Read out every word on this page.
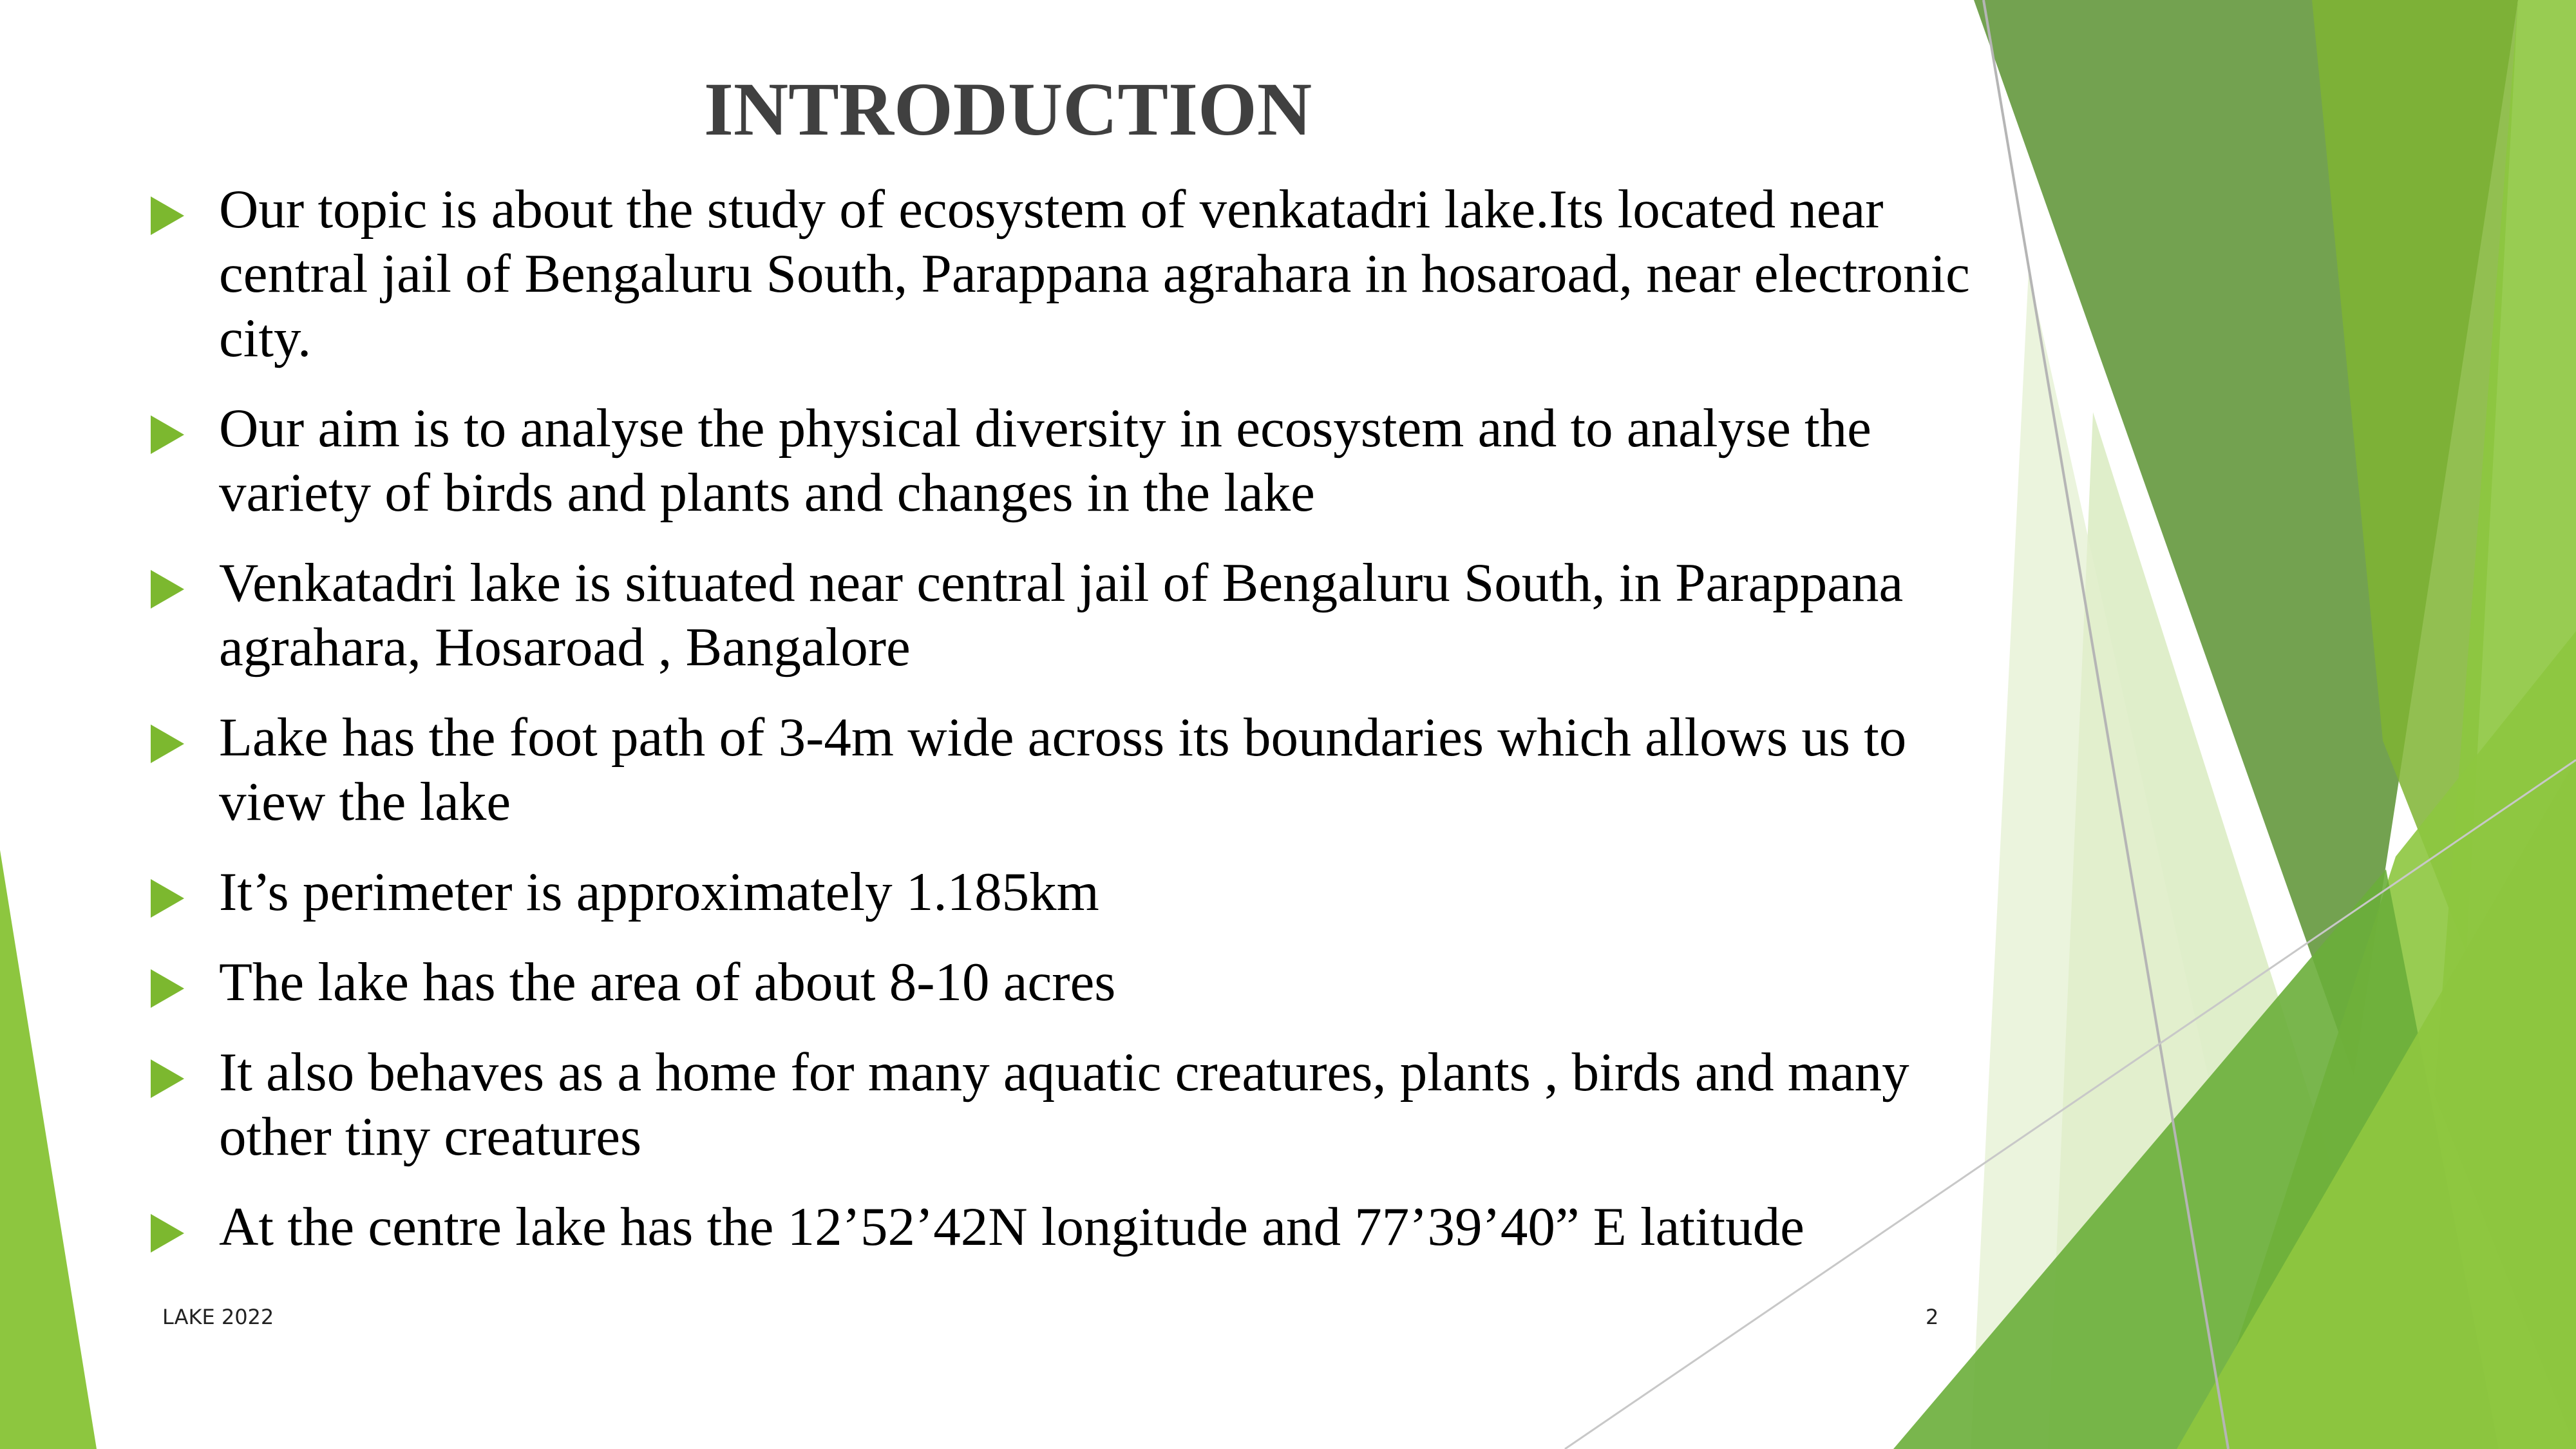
INTRODUCTION
Our topic is about the study of ecosystem of venkatadri lake.Its located near central jail of Bengaluru South, Parappana agrahara in hosaroad, near electronic city.
Our aim is to analyse the physical diversity in ecosystem and to analyse the variety of birds and plants and changes in the lake
Venkatadri lake is situated near central jail of Bengaluru South, in Parappana agrahara, Hosaroad , Bangalore
Lake has the foot path of 3-4m wide across its boundaries which allows us to view the lake
It’s perimeter is approximately 1.185km
The lake has the area of about 8-10 acres
It also behaves as a home for many aquatic creatures, plants , birds and many other tiny creatures
At the centre lake has the 12’52’42N longitude and 77’39’40” E latitude
LAKE 2022	2
